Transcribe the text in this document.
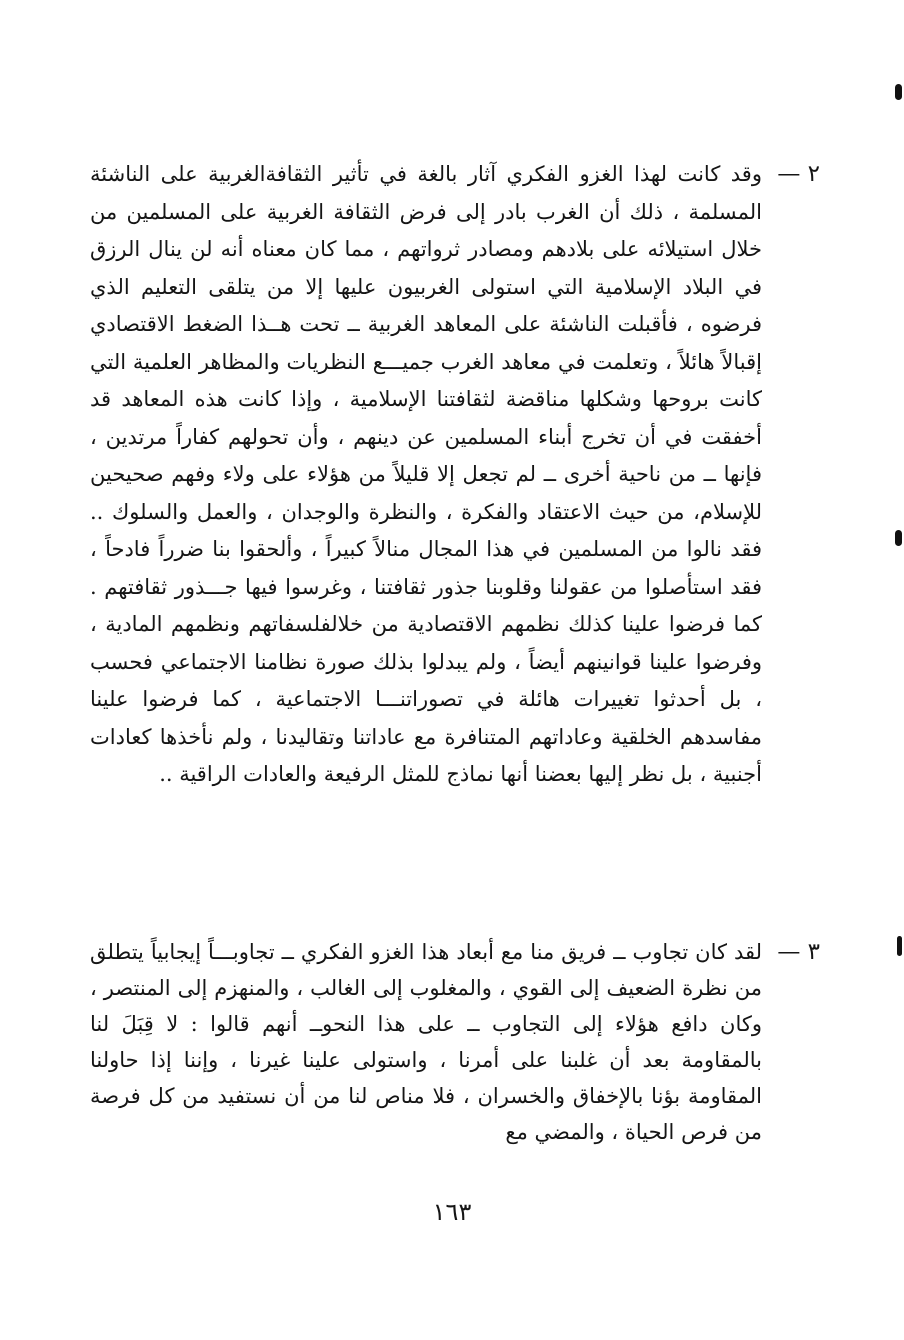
٢ —

وقد كانت لهذا الغزو الفكري آثار بالغة في تأثير الثقافةالغربية على الناشئة المسلمة ، ذلك أن الغرب بادر إلى فرض الثقافة الغربية على المسلمين من خلال استيلائه على بلادهم ومصادر ثرواتهم ، مما كان معناه أنه لن ينال الرزق في البلاد الإسلامية التي استولى الغربيون عليها إلا من يتلقى التعليم الذي فرضوه ، فأقبلت الناشئة على المعاهد الغربية ــ تحت هــذا الضغط الاقتصادي إقبالاً هائلاً ، وتعلمت في معاهد الغرب جميـــع النظريات والمظاهر العلمية التي كانت بروحها وشكلها مناقضة لثقافتنا الإسلامية ، وإذا كانت هذه المعاهد قد أخفقت في أن تخرج أبناء المسلمين عن دينهم ، وأن تحولهم كفاراً مرتدين ، فإنها ــ من ناحية أخرى ــ لم تجعل إلا قليلاً من هؤلاء على ولاء وفهم صحيحين للإسلام، من حيث الاعتقاد والفكرة ، والنظرة والوجدان ، والعمل والسلوك .. فقد نالوا من المسلمين في هذا المجال منالاً كبيراً ، وألحقوا بنا ضرراً فادحاً ، فقد استأصلوا من عقولنا وقلوبنا جذور ثقافتنا ، وغرسوا فيها جـــذور ثقافتهم . كما فرضوا علينا كذلك نظمهم الاقتصادية من خلالفلسفاتهم ونظمهم المادية ، وفرضوا علينا قوانينهم أيضاً ، ولم يبدلوا بذلك صورة نظامنا الاجتماعي فحسب ، بل أحدثوا تغييرات هائلة في تصوراتنـــا الاجتماعية ، كما فرضوا علينا مفاسدهم الخلقية وعاداتهم المتنافرة مع عاداتنا وتقاليدنا ، ولم نأخذها كعادات أجنبية ، بل نظر إليها بعضنا أنها نماذج للمثل الرفيعة والعادات الراقية ..

٣ —

لقد كان تجاوب ــ فريق منا مع أبعاد هذا الغزو الفكري ــ تجاوبـــاً إيجابياً يتطلق من نظرة الضعيف إلى القوي ، والمغلوب إلى الغالب ، والمنهزم إلى المنتصر ، وكان دافع هؤلاء إلى التجاوب ــ على هذا النحوــ أنهم قالوا : لا قِبَلَ لنا بالمقاومة بعد أن غلبنا على أمرنا ، واستولى علينا غيرنا ، وإننا إذا حاولنا المقاومة بؤنا بالإخفاق والخسران ، فلا مناص لنا من أن نستفيد من كل فرصة من فرص الحياة ، والمضي مع

١٦٣
